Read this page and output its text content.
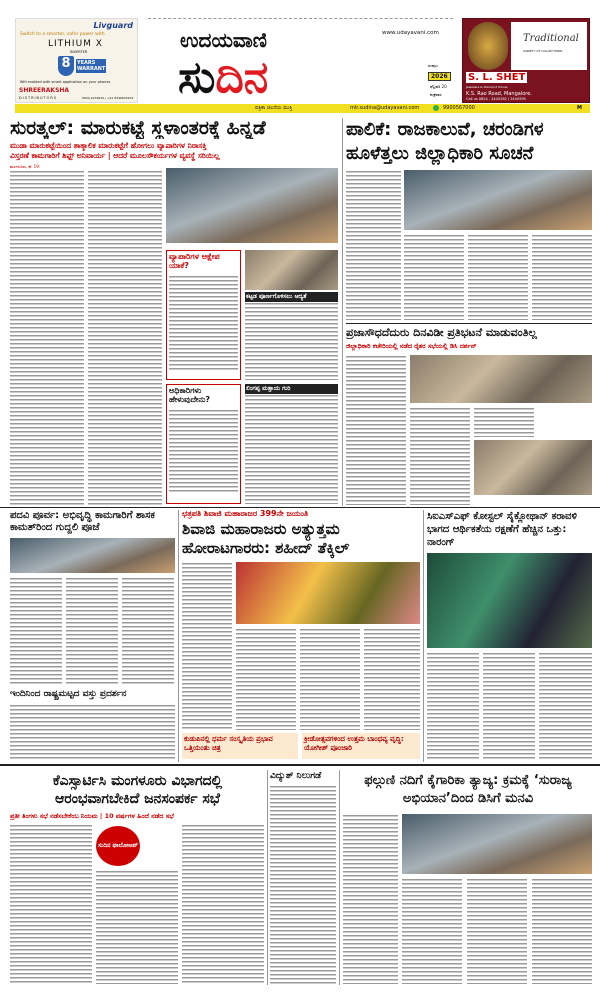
Livguard
Switch to a smarter, safer power with
LITHIUM X
INVERTER
8	YEARS WARRANTY
Wifi enabled with smart application on your phones
SHREERAKSHA
DISTRIBUTORS	0824-2276644 | +91 8346825252
ಉದಯವಾಣಿ
ಸುದಿನ
www.udayavani.com
ಸಂಪುಟ
2026
ಫೆಬ್ರವರಿ 20
ಶುಕ್ರವಾರ
Traditional
VARIETY OF COLLECTIONS
S. L. SHET
Jewellers & Diamond House
K.S. Rao Road, Mangalore.
Call us 0824 - 2440262 / 2440595
ಪತ್ರಿಕಾ ಚಲನೆಯ ಮುಕ್ತಿ	mlr.sudina@udayavani.com	9900567000	M
ಸುರತ್ಕಲ್: ಮಾರುಕಟ್ಟೆ ಸ್ಥಳಾಂತರಕ್ಕೆ ಹಿನ್ನಡೆ
ಮುಡಾ ಮಾರುಕಟ್ಟೆಯಿಂದ ತಾತ್ಕಾಲಿಕ ಮಾರುಕಟ್ಟೆಗೆ ಹೋಗಲು ವ್ಯಾಪಾರಿಗಳ ನಿರಾಸಕ್ತಿ
ವಿಸ್ತರಣೆ ಕಾಮಗಾರಿಗೆ ಶಿಫ್ಟ್ ಅನಿವಾರ್ಯ | ಆದರೆ ಮೂಲಸೌಕರ್ಯಗಳ ವ್ಯವಸ್ಥೆ ಸರಿಯಿಲ್ಲ
ಮಂಗಳೂರು, ಫೆ. 19:
ವ್ಯಾಪಾರಿಗಳ ಆಕ್ಷೇಪ ಯಾಕೆ?
ಅಧಿಕಾರಿಗಳು ಹೇಳುವುದೇನು?
ಕಟ್ಟಡ ಪೂರ್ಣಗೊಳಿಸಲು ಆದ್ಯತೆ
ಲಿಂಗಪ್ಪ ಮತ್ತಾಯ ಗುರಿ
ಪಾಲಿಕೆ: ರಾಜಕಾಲುವೆ, ಚರಂಡಿಗಳ ಹೂಳೆತ್ತಲು ಜಿಲ್ಲಾಧಿಕಾರಿ ಸೂಚನೆ
ಪ್ರಜಾಸೌಧದೆದುರು ದಿನವಿಡೀ ಪ್ರತಿಭಟನೆ ಮಾಡುವಂತಿಲ್ಲ
ಜಿಲ್ಲಾಧಿಕಾರಿ ಕಚೇರಿಯಲ್ಲಿ ನಡೆದ ರೈತರ ಸಭೆಯಲ್ಲಿ ಡಿಸಿ ದರ್ಶನ್
ಪದವಿ ಪೂರ್ವ: ಅಭಿವೃದ್ಧಿ ಕಾಮಗಾರಿಗೆ ಶಾಸಕ ಕಾಮತ್‌ರಿಂದ ಗುದ್ದಲಿ ಪೂಜೆ
ಇಂದಿನಿಂದ ರಾಷ್ಟ್ರಮಟ್ಟದ ವಸ್ತು ಪ್ರದರ್ಶನ
ಛತ್ರಪತಿ ಶಿವಾಜಿ ಮಹಾರಾಜರ 399ನೇ ಜಯಂತಿ
ಶಿವಾಜಿ ಮಹಾರಾಜರು ಅತ್ಯುತ್ತಮ ಹೋರಾಟಗಾರರು: ಶಹೀದ್ ತೆಕ್ಕಿಲ್
ಕುಡುಪಿನಲ್ಲಿ ಧರ್ಮ ಸಂಸ್ಕೃತಿಯ ಪ್ರಭಾವ ಒತ್ತಿಯಂತು ಚಿತ್ರ
ಕ್ರೀಡೋತ್ಸವಗಳಿಂದ ಉತ್ತಮ ಬಾಂಧವ್ಯ ವೃದ್ಧಿ: ಯೋಗೀಶ್ ಪೂಂಜಾರಿ
ಸಿಐಎಸ್‌ಎಫ್ ಕೋಸ್ಟಲ್ ಸೈಕ್ಲೋಥಾನ್ ಕರಾವಳಿ ಭಾಗದ ಆರ್ಥಿಕತೆಯ ರಕ್ಷಣೆಗೆ ಹೆಚ್ಚಿನ ಒತ್ತು: ನಾರಂಗ್
ಕೆಎಸ್ಸಾರ್ಟಿಸಿ ಮಂಗಳೂರು ವಿಭಾಗದಲ್ಲಿ ಆರಂಭವಾಗಬೇಕಿದೆ ಜನಸಂಪರ್ಕ ಸಭೆ
ಪ್ರತೀ ತಿಂಗಳು ಸಭೆ ನಡೆಸಬೇಕೆಂಬ ನಿಯಮ | 10 ವರ್ಷಗಳ ಹಿಂದೆ ನಡೆದ ಸಭೆ
ಸುದಿನ ಫಾಲೋಅಪ್
ವಿದ್ಯುತ್ ನಿಲುಗಡೆ	ಫಲ್ಗುಣಿ ನದಿಗೆ ಕೈಗಾರಿಕಾ ತ್ಯಾಜ್ಯ: ಕ್ರಮಕ್ಕೆ ‘ಸುರಾಜ್ಯ ಅಭಿಯಾನ’ದಿಂದ ಡಿಸಿಗೆ ಮನವಿ
